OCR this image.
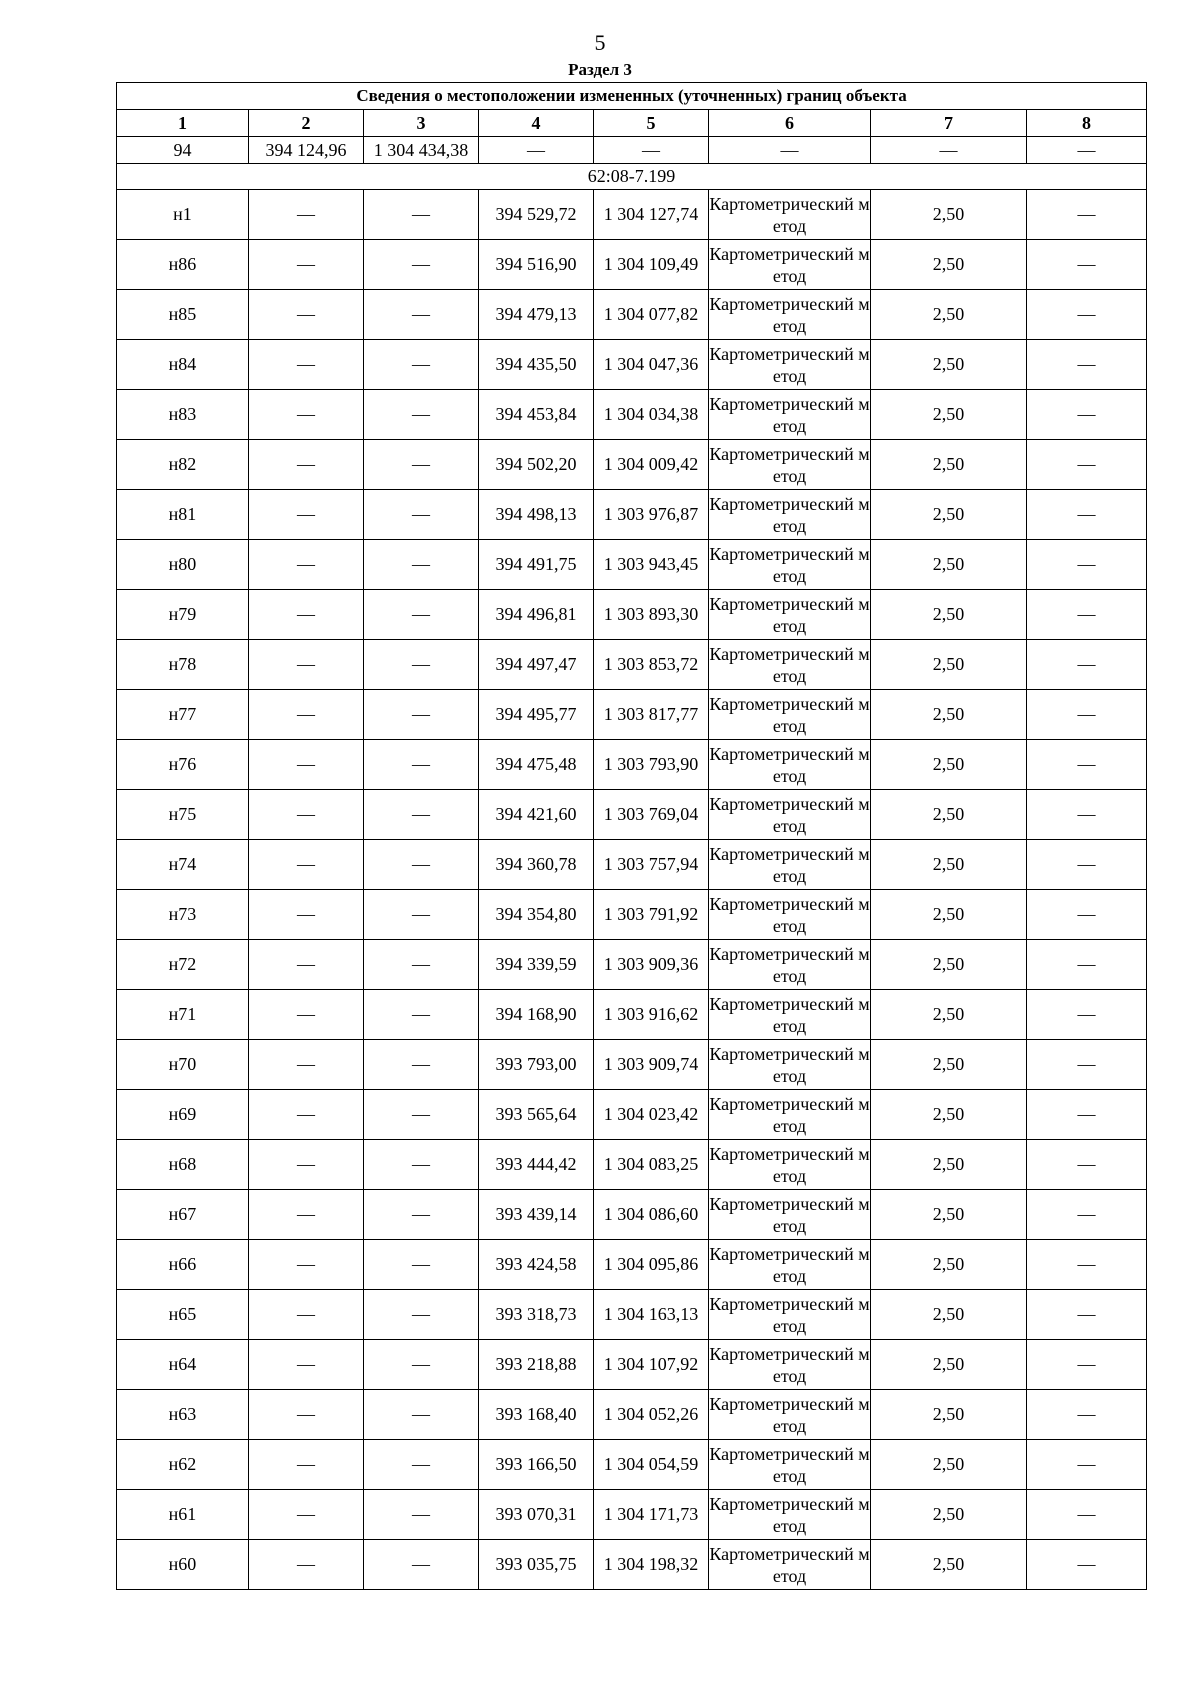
5
Раздел 3
Сведения о местоположении измененных (уточненных) границ объекта							
1	2	3	4	5	6	7	8
94	394 124,96	1 304 434,38	—	—	—	—	—
62:08-7.199							
н1	—	—	394 529,72	1 304 127,74	Картометрический метод	2,50	—
н86	—	—	394 516,90	1 304 109,49	Картометрический метод	2,50	—
н85	—	—	394 479,13	1 304 077,82	Картометрический метод	2,50	—
н84	—	—	394 435,50	1 304 047,36	Картометрический метод	2,50	—
н83	—	—	394 453,84	1 304 034,38	Картометрический метод	2,50	—
н82	—	—	394 502,20	1 304 009,42	Картометрический метод	2,50	—
н81	—	—	394 498,13	1 303 976,87	Картометрический метод	2,50	—
н80	—	—	394 491,75	1 303 943,45	Картометрический метод	2,50	—
н79	—	—	394 496,81	1 303 893,30	Картометрический метод	2,50	—
н78	—	—	394 497,47	1 303 853,72	Картометрический метод	2,50	—
н77	—	—	394 495,77	1 303 817,77	Картометрический метод	2,50	—
н76	—	—	394 475,48	1 303 793,90	Картометрический метод	2,50	—
н75	—	—	394 421,60	1 303 769,04	Картометрический метод	2,50	—
н74	—	—	394 360,78	1 303 757,94	Картометрический метод	2,50	—
н73	—	—	394 354,80	1 303 791,92	Картометрический метод	2,50	—
н72	—	—	394 339,59	1 303 909,36	Картометрический метод	2,50	—
н71	—	—	394 168,90	1 303 916,62	Картометрический метод	2,50	—
н70	—	—	393 793,00	1 303 909,74	Картометрический метод	2,50	—
н69	—	—	393 565,64	1 304 023,42	Картометрический метод	2,50	—
н68	—	—	393 444,42	1 304 083,25	Картометрический метод	2,50	—
н67	—	—	393 439,14	1 304 086,60	Картометрический метод	2,50	—
н66	—	—	393 424,58	1 304 095,86	Картометрический метод	2,50	—
н65	—	—	393 318,73	1 304 163,13	Картометрический метод	2,50	—
н64	—	—	393 218,88	1 304 107,92	Картометрический метод	2,50	—
н63	—	—	393 168,40	1 304 052,26	Картометрический метод	2,50	—
н62	—	—	393 166,50	1 304 054,59	Картометрический метод	2,50	—
н61	—	—	393 070,31	1 304 171,73	Картометрический метод	2,50	—
н60	—	—	393 035,75	1 304 198,32	Картометрический метод	2,50	—
